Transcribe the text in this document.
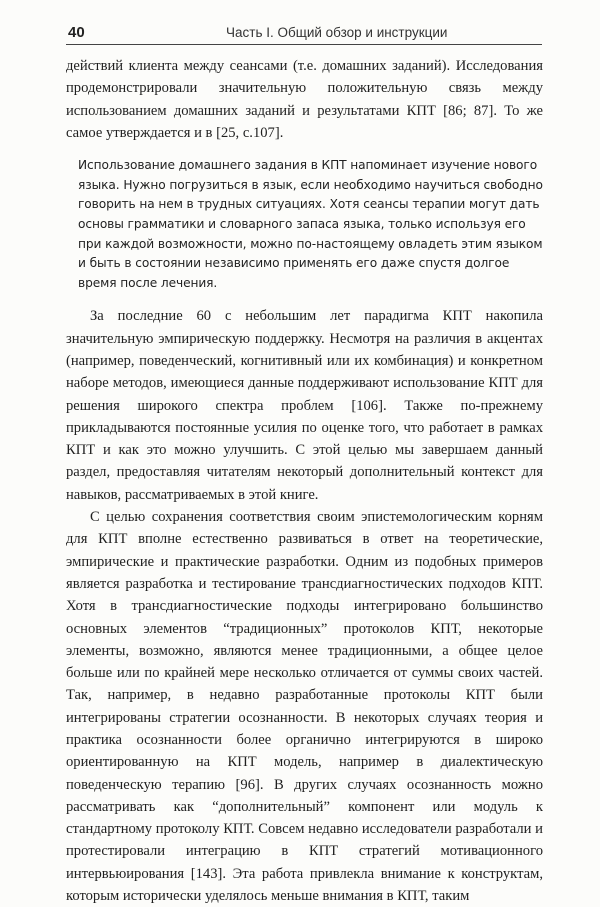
40	Часть I. Общий обзор и инструкции

действий клиента между сеансами (т.е. домашних заданий). Исследования продемонстрировали значительную положительную связь между использованием домашних заданий и результатами КПТ [86; 87]. То же самое утверждается и в [25, с.107].

Использование домашнего задания в КПТ напоминает изучение нового языка. Нужно погрузиться в язык, если необходимо научиться свободно говорить на нем в трудных ситуациях. Хотя сеансы терапии могут дать основы грамматики и словарного запаса языка, только используя его при каждой возможности, можно по-настоящему овладеть этим языком и быть в состоянии независимо применять его даже спустя долгое время после лечения.

За последние 60 с небольшим лет парадигма КПТ накопила значительную эмпирическую поддержку. Несмотря на различия в акцентах (например, поведенческий, когнитивный или их комбинация) и конкретном наборе методов, имеющиеся данные поддерживают использование КПТ для решения широкого спектра проблем [106]. Также по-прежнему прикладываются постоянные усилия по оценке того, что работает в рамках КПТ и как это можно улучшить. С этой целью мы завершаем данный раздел, предоставляя читателям некоторый дополнительный контекст для навыков, рассматриваемых в этой книге.

С целью сохранения соответствия своим эпистемологическим корням для КПТ вполне естественно развиваться в ответ на теоретические, эмпирические и практические разработки. Одним из подобных примеров является разработка и тестирование трансдиагностических подходов КПТ. Хотя в трансдиагностические подходы интегрировано большинство основных элементов “традиционных” протоколов КПТ, некоторые элементы, возможно, являются менее традиционными, а общее целое больше или по крайней мере несколько отличается от суммы своих частей. Так, например, в недавно разработанные протоколы КПТ были интегрированы стратегии осознанности. В некоторых случаях теория и практика осознанности более органично интегрируются в широко ориентированную на КПТ модель, например в диалектическую поведенческую терапию [96]. В других случаях осознанность можно рассматривать как “дополнительный” компонент или модуль к стандартному протоколу КПТ. Совсем недавно исследователи разработали и протестировали интеграцию в КПТ стратегий мотивационного интервьюирования [143]. Эта работа привлекла внимание к конструктам, которым исторически уделялось меньше внимания в КПТ, таким
